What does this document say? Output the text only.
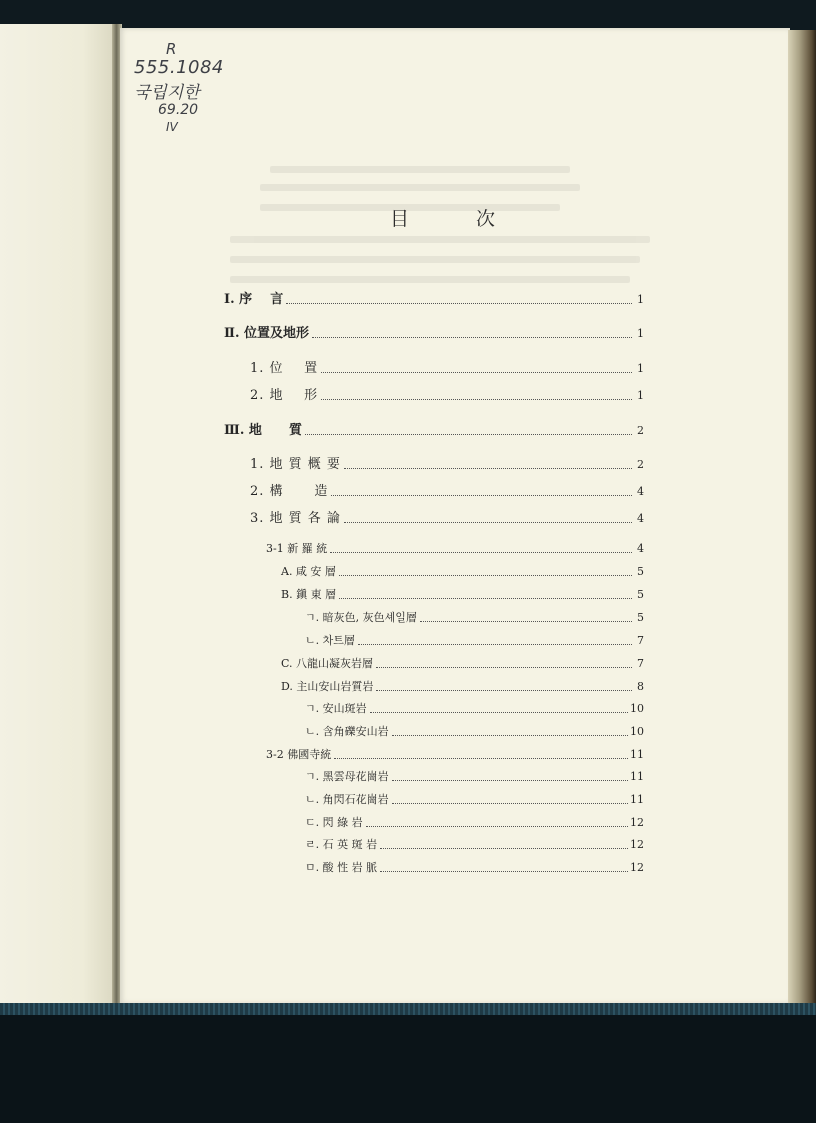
R
555.1084
국립지한
69.20
IV
目	次
Ⅰ. 序    言	1
Ⅱ. 位置及地形	1
1. 位    置	1
2. 地    形	1
Ⅲ. 地      質	2
1. 地 質 概 要	2
2. 構      造	4
3. 地 質 各 論	4
3-1 新 羅 統	4
A. 咸 安 層	5
B. 鎭 東 層	5
ㄱ. 暗灰色, 灰色셰일層	5
ㄴ. 차트層	7
C. 八龍山凝灰岩層	7
D. 主山安山岩質岩	8
ㄱ. 安山斑岩	10
ㄴ. 含角礫安山岩	10
3-2 佛國寺統	11
ㄱ. 黑雲母花崗岩	11
ㄴ. 角閃石花崗岩	11
ㄷ. 閃 綠 岩	12
ㄹ. 石 英 斑 岩	12
ㅁ. 酸 性 岩 脈	12
